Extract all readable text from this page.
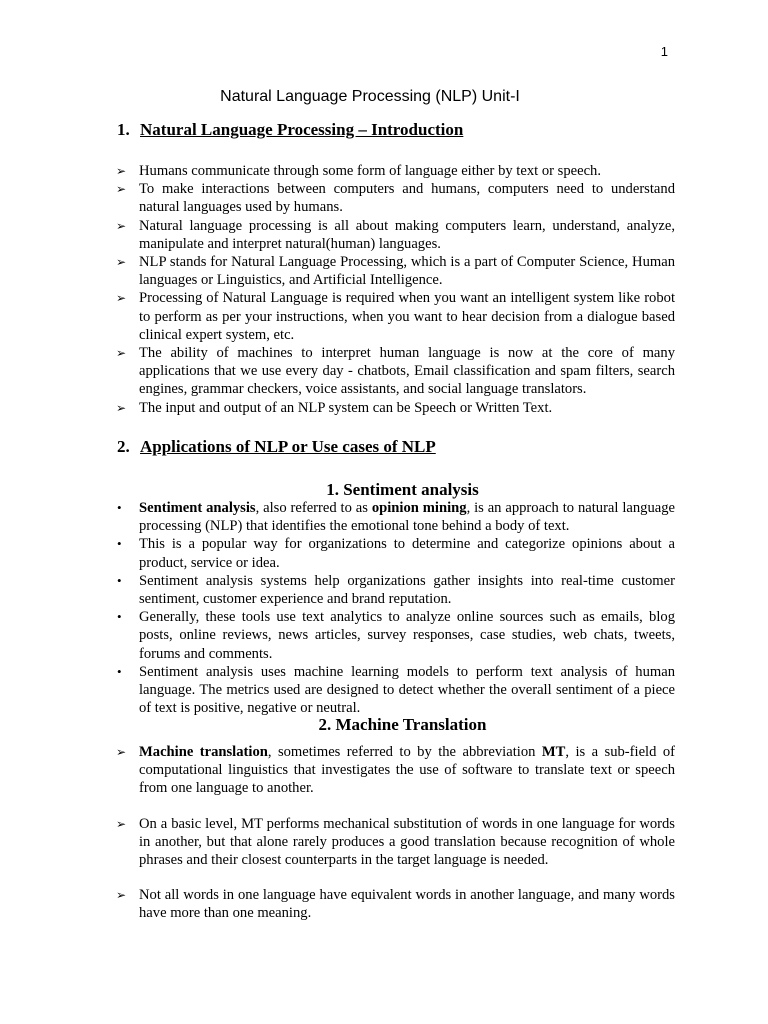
1
Natural Language Processing (NLP) Unit-I
1. Natural Language Processing – Introduction
➢ Humans communicate through some form of language either by text or speech.
➢ To make interactions between computers and humans, computers need to understand natural languages used by humans.
➢ Natural language processing is all about making computers learn, understand, analyze, manipulate and interpret natural(human) languages.
➢ NLP stands for Natural Language Processing, which is a part of Computer Science, Human languages or Linguistics, and Artificial Intelligence.
➢ Processing of Natural Language is required when you want an intelligent system like robot to perform as per your instructions, when you want to hear decision from a dialogue based clinical expert system, etc.
➢ The ability of machines to interpret human language is now at the core of many applications that we use every day - chatbots, Email classification and spam filters, search engines, grammar checkers, voice assistants, and social language translators.
➢ The input and output of an NLP system can be Speech or Written Text.
2. Applications of NLP or Use cases of NLP
1. Sentiment analysis
• Sentiment analysis, also referred to as opinion mining, is an approach to natural language processing (NLP) that identifies the emotional tone behind a body of text.
• This is a popular way for organizations to determine and categorize opinions about a product, service or idea.
• Sentiment analysis systems help organizations gather insights into real-time customer sentiment, customer experience and brand reputation.
• Generally, these tools use text analytics to analyze online sources such as emails, blog posts, online reviews, news articles, survey responses, case studies, web chats, tweets, forums and comments.
• Sentiment analysis uses machine learning models to perform text analysis of human language. The metrics used are designed to detect whether the overall sentiment of a piece of text is positive, negative or neutral.
2. Machine Translation
➢ Machine translation, sometimes referred to by the abbreviation MT, is a sub-field of computational linguistics that investigates the use of software to translate text or speech from one language to another.
➢ On a basic level, MT performs mechanical substitution of words in one language for words in another, but that alone rarely produces a good translation because recognition of whole phrases and their closest counterparts in the target language is needed.
➢ Not all words in one language have equivalent words in another language, and many words have more than one meaning.
